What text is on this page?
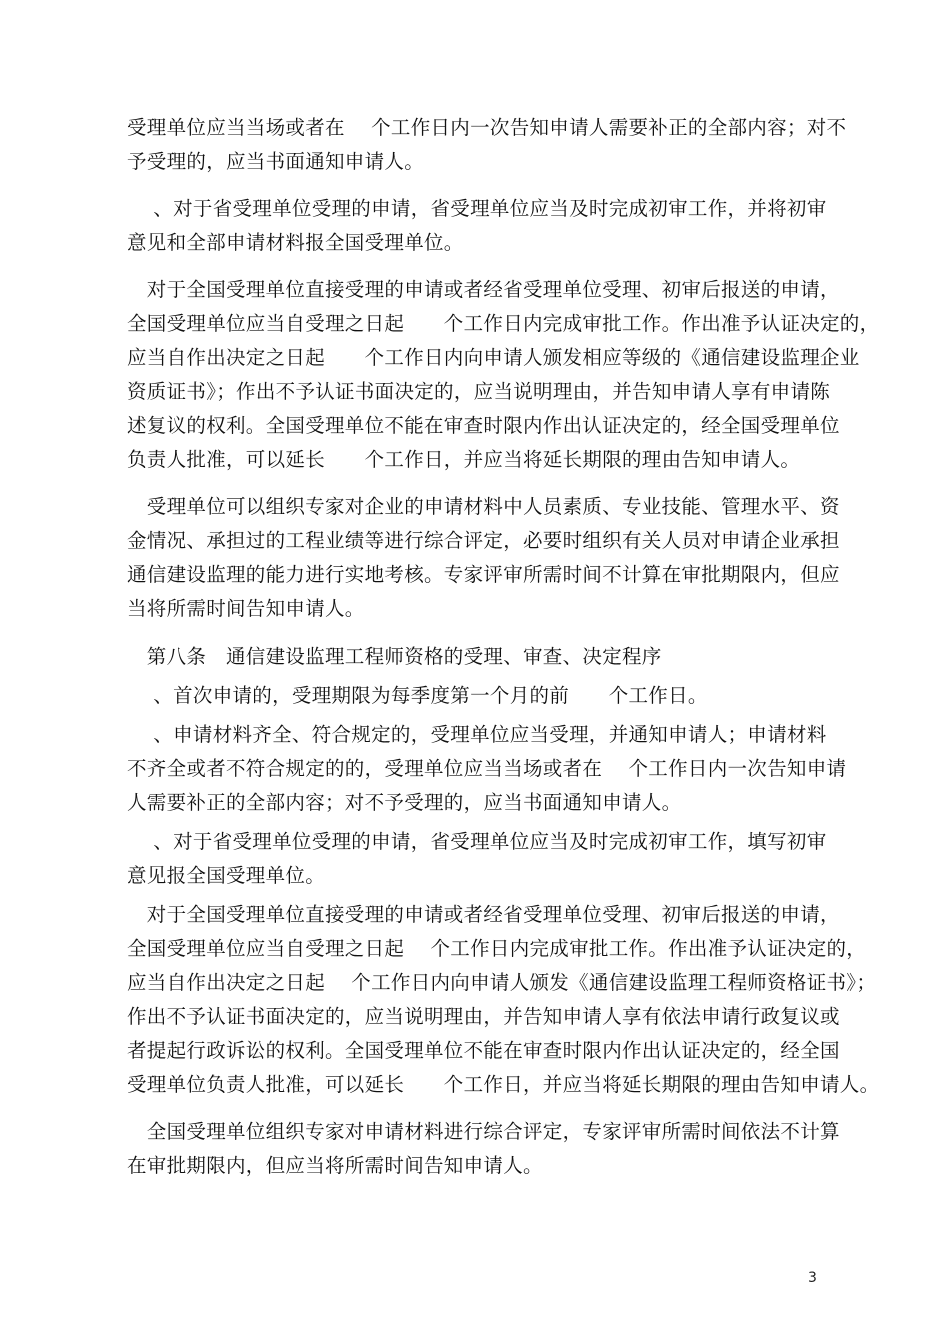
受理单位应当当场或者在　 个工作日内一次告知申请人需要补正的全部内容；对不
予受理的，应当书面通知申请人。
　 、对于省受理单位受理的申请，省受理单位应当及时完成初审工作，并将初审
意见和全部申请材料报全国受理单位。
　对于全国受理单位直接受理的申请或者经省受理单位受理、初审后报送的申请，
全国受理单位应当自受理之日起　　个工作日内完成审批工作。作出准予认证决定的，
应当自作出决定之日起　　个工作日内向申请人颁发相应等级的《通信建设监理企业
资质证书》；作出不予认证书面决定的，应当说明理由，并告知申请人享有申请陈
述复议的权利。全国受理单位不能在审查时限内作出认证决定的，经全国受理单位
负责人批准，可以延长　　个工作日，并应当将延长期限的理由告知申请人。
　受理单位可以组织专家对企业的申请材料中人员素质、专业技能、管理水平、资
金情况、承担过的工程业绩等进行综合评定，必要时组织有关人员对申请企业承担
通信建设监理的能力进行实地考核。专家评审所需时间不计算在审批期限内，但应
当将所需时间告知申请人。
　第八条　通信建设监理工程师资格的受理、审查、决定程序
　 、首次申请的，受理期限为每季度第一个月的前　　个工作日。
　 、申请材料齐全、符合规定的，受理单位应当受理，并通知申请人；申请材料
不齐全或者不符合规定的的，受理单位应当当场或者在　 个工作日内一次告知申请
人需要补正的全部内容；对不予受理的，应当书面通知申请人。
　 、对于省受理单位受理的申请，省受理单位应当及时完成初审工作，填写初审
意见报全国受理单位。
　对于全国受理单位直接受理的申请或者经省受理单位受理、初审后报送的申请，
全国受理单位应当自受理之日起　 个工作日内完成审批工作。作出准予认证决定的，
应当自作出决定之日起　 个工作日内向申请人颁发《通信建设监理工程师资格证书》；
作出不予认证书面决定的，应当说明理由，并告知申请人享有依法申请行政复议或
者提起行政诉讼的权利。全国受理单位不能在审查时限内作出认证决定的，经全国
受理单位负责人批准，可以延长　　个工作日，并应当将延长期限的理由告知申请人。
　全国受理单位组织专家对申请材料进行综合评定，专家评审所需时间依法不计算
在审批期限内，但应当将所需时间告知申请人。
3
